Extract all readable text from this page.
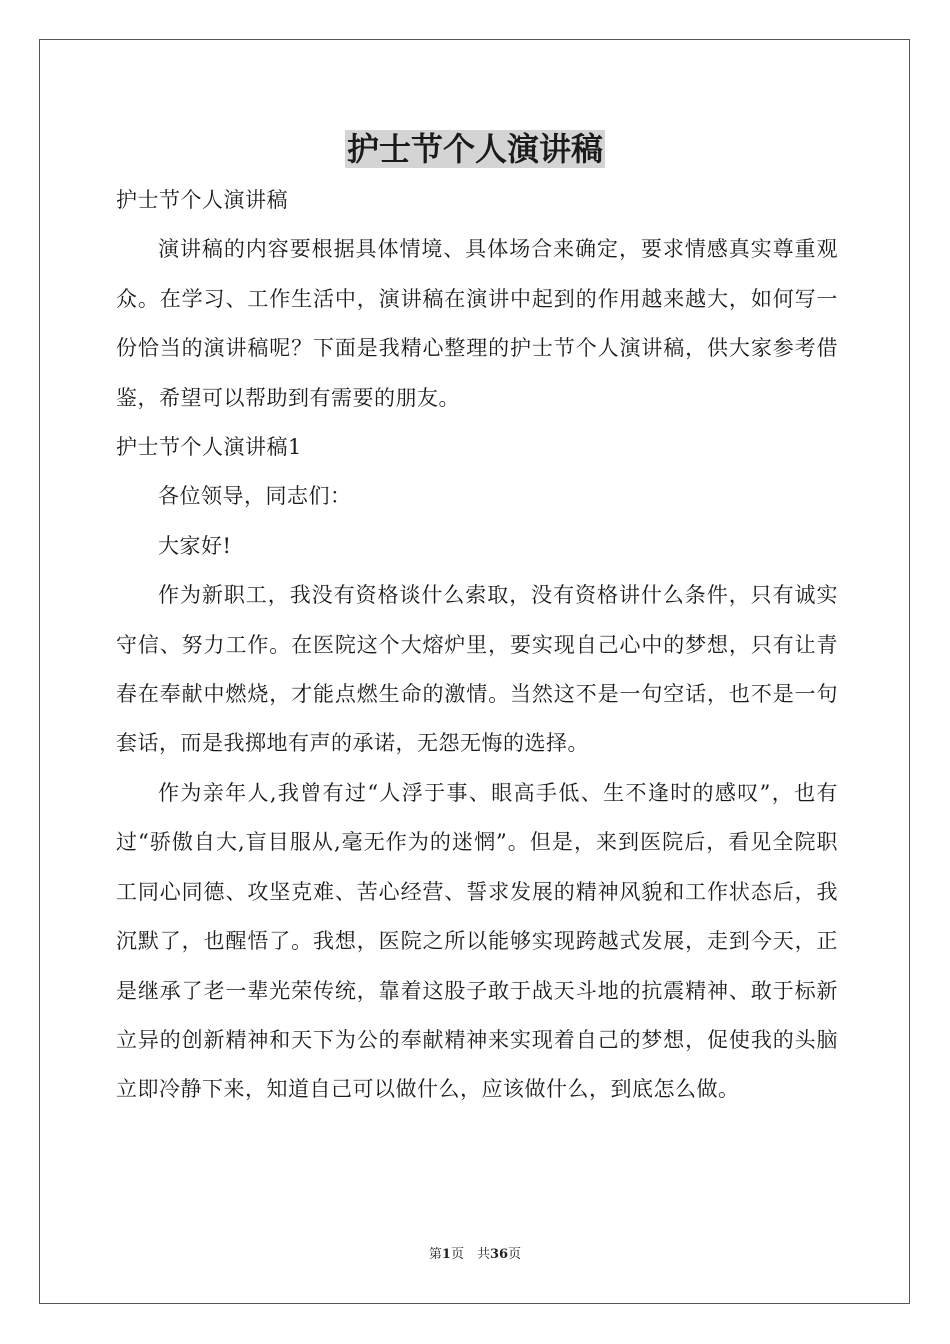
护士节个人演讲稿

护士节个人演讲稿

演讲稿的内容要根据具体情境、具体场合来确定，要求情感真实尊重观众。在学习、工作生活中，演讲稿在演讲中起到的作用越来越大，如何写一份恰当的演讲稿呢？下面是我精心整理的护士节个人演讲稿，供大家参考借鉴，希望可以帮助到有需要的朋友。

护士节个人演讲稿1

各位领导，同志们：

大家好!

作为新职工，我没有资格谈什么索取，没有资格讲什么条件，只有诚实守信、努力工作。在医院这个大熔炉里，要实现自己心中的梦想，只有让青春在奉献中燃烧，才能点燃生命的激情。当然这不是一句空话，也不是一句套话，而是我掷地有声的承诺，无怨无悔的选择。

作为亲年人,我曾有过“人浮于事、眼高手低、生不逢时的感叹”，也有过“骄傲自大,盲目服从,毫无作为的迷惘”。但是，来到医院后，看见全院职工同心同德、攻坚克难、苦心经营、誓求发展的精神风貌和工作状态后，我沉默了，也醒悟了。我想，医院之所以能够实现跨越式发展，走到今天，正是继承了老一辈光荣传统，靠着这股子敢于战天斗地的抗震精神、敢于标新立异的创新精神和天下为公的奉献精神来实现着自己的梦想，促使我的头脑立即冷静下来，知道自己可以做什么，应该做什么，到底怎么做。

第1页　共36页
